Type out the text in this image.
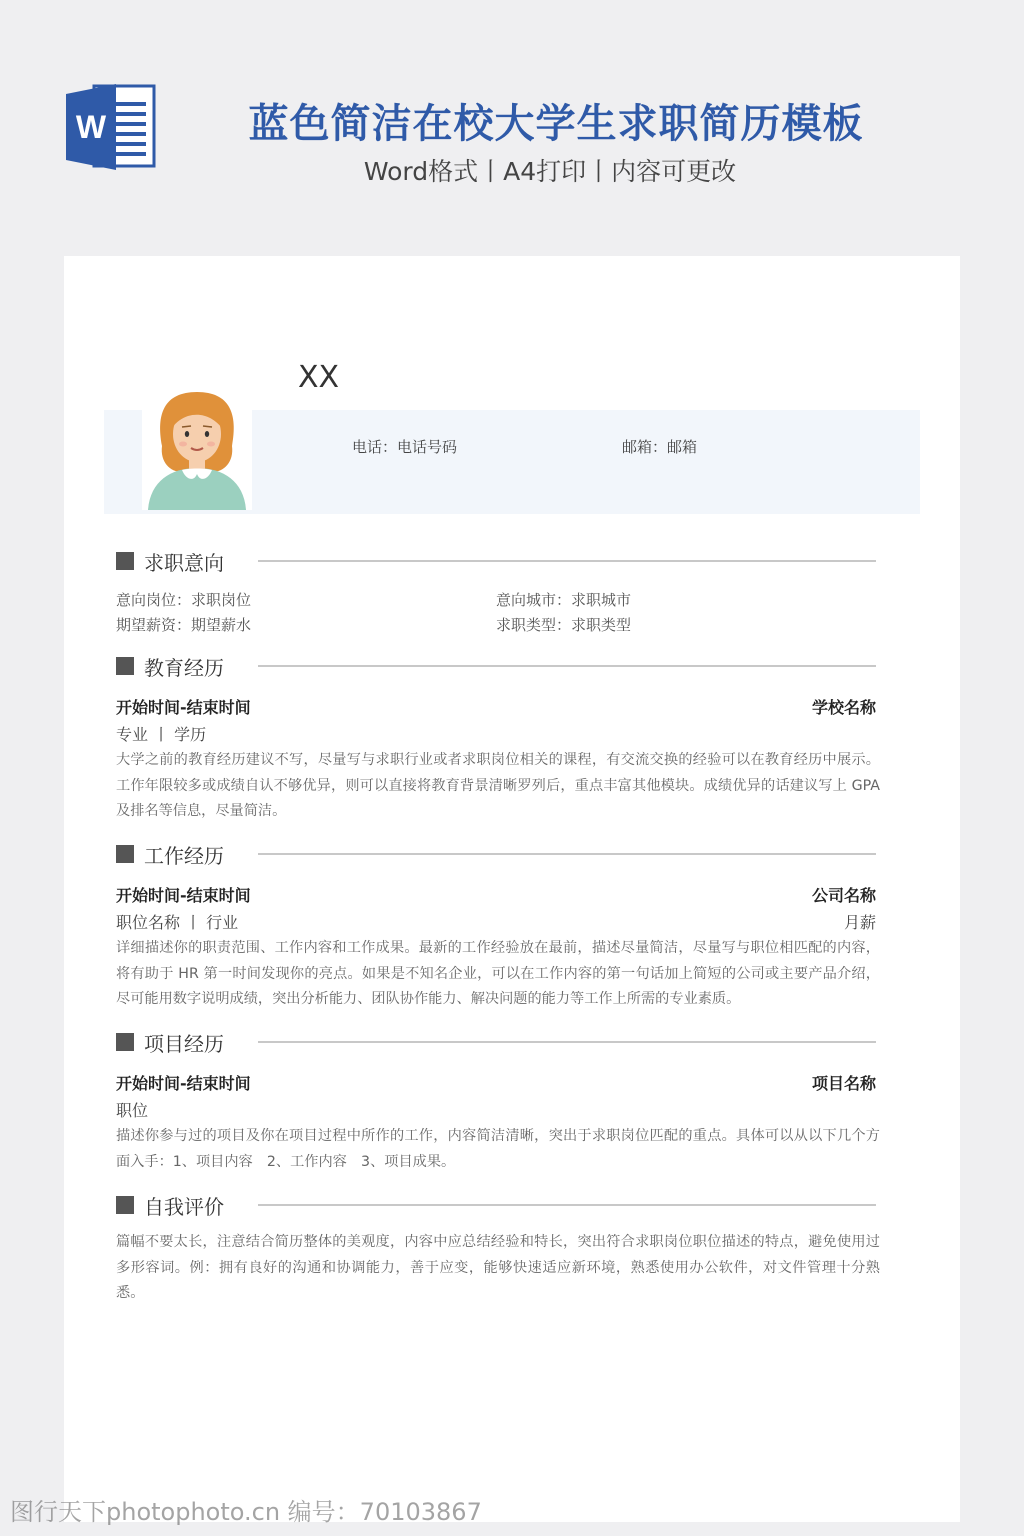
W	蓝色简洁在校大学生求职简历模板
Word格式丨A4打印丨内容可更改
XX
电话：电话号码	邮箱：邮箱
求职意向
意向岗位：求职岗位	意向城市：求职城市
期望薪资：期望薪水	求职类型：求职类型
教育经历
开始时间-结束时间	学校名称
专业 丨 学历

大学之前的教育经历建议不写，尽量写与求职行业或者求职岗位相关的课程，有交流交换的经验可以在教育经历中展示。工作年限较多或成绩自认不够优异，则可以直接将教育背景清晰罗列后，重点丰富其他模块。成绩优异的话建议写上 GPA 及排名等信息，尽量简洁。

工作经历
开始时间-结束时间	公司名称
职位名称 丨 行业	月薪

详细描述你的职责范围、工作内容和工作成果。最新的工作经验放在最前，描述尽量简洁，尽量写与职位相匹配的内容，将有助于 HR 第一时间发现你的亮点。如果是不知名企业，可以在工作内容的第一句话加上简短的公司或主要产品介绍，尽可能用数字说明成绩，突出分析能力、团队协作能力、解决问题的能力等工作上所需的专业素质。

项目经历
开始时间-结束时间	项目名称
职位

描述你参与过的项目及你在项目过程中所作的工作，内容简洁清晰，突出于求职岗位匹配的重点。具体可以从以下几个方面入手：1、项目内容　2、工作内容　3、项目成果。

自我评价

篇幅不要太长，注意结合简历整体的美观度，内容中应总结经验和特长，突出符合求职岗位职位描述的特点，避免使用过多形容词。例：拥有良好的沟通和协调能力，善于应变，能够快速适应新环境，熟悉使用办公软件，对文件管理十分熟悉。

图行天下photophoto.cn 编号：70103867
